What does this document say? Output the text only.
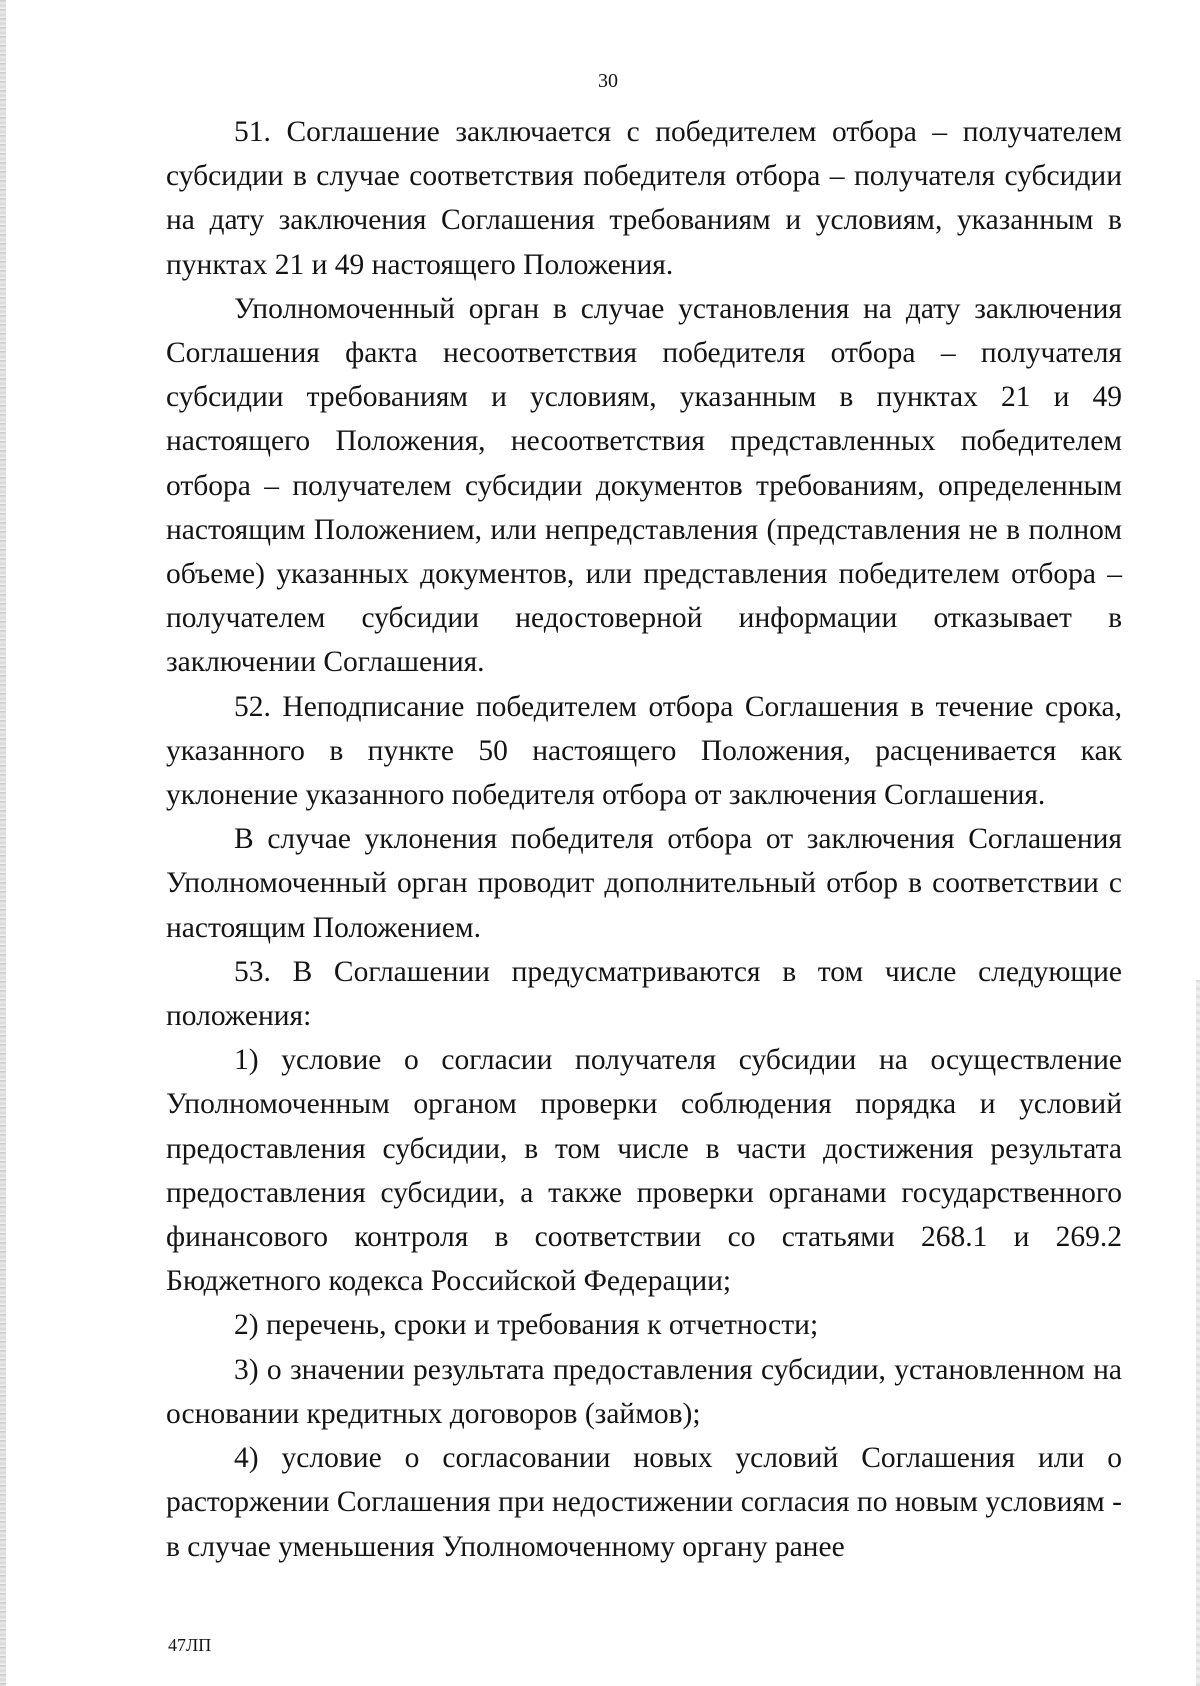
30

51. Соглашение заключается с победителем отбора – получателем субсидии в случае соответствия победителя отбора – получателя субсидии на дату заключения Соглашения требованиям и условиям, указанным в пунктах 21 и 49 настоящего Положения.

Уполномоченный орган в случае установления на дату заключения Соглашения факта несоответствия победителя отбора – получателя субсидии требованиям и условиям, указанным в пунктах 21 и 49 настоящего Положения, несоответствия представленных победителем отбора – получателем субсидии документов требованиям, определенным настоящим Положением, или непредставления (представления не в полном объеме) указанных документов, или представления победителем отбора – получателем субсидии недостоверной информации отказывает в заключении Соглашения.

52. Неподписание победителем отбора Соглашения в течение срока, указанного в пункте 50 настоящего Положения, расценивается как уклонение указанного победителя отбора от заключения Соглашения.

В случае уклонения победителя отбора от заключения Соглашения Уполномоченный орган проводит дополнительный отбор в соответствии с настоящим Положением.

53. В Соглашении предусматриваются в том числе следующие положения:

1) условие о согласии получателя субсидии на осуществление Уполномоченным органом проверки соблюдения порядка и условий предоставления субсидии, в том числе в части достижения результата предоставления субсидии, а также проверки органами государственного финансового контроля в соответствии со статьями 268.1 и 269.2 Бюджетного кодекса Российской Федерации;

2) перечень, сроки и требования к отчетности;

3) о значении результата предоставления субсидии, установленном на основании кредитных договоров (займов);

4) условие о согласовании новых условий Соглашения или о расторжении Соглашения при недостижении согласия по новым условиям - в случае уменьшения Уполномоченному органу ранее

47ЛП
